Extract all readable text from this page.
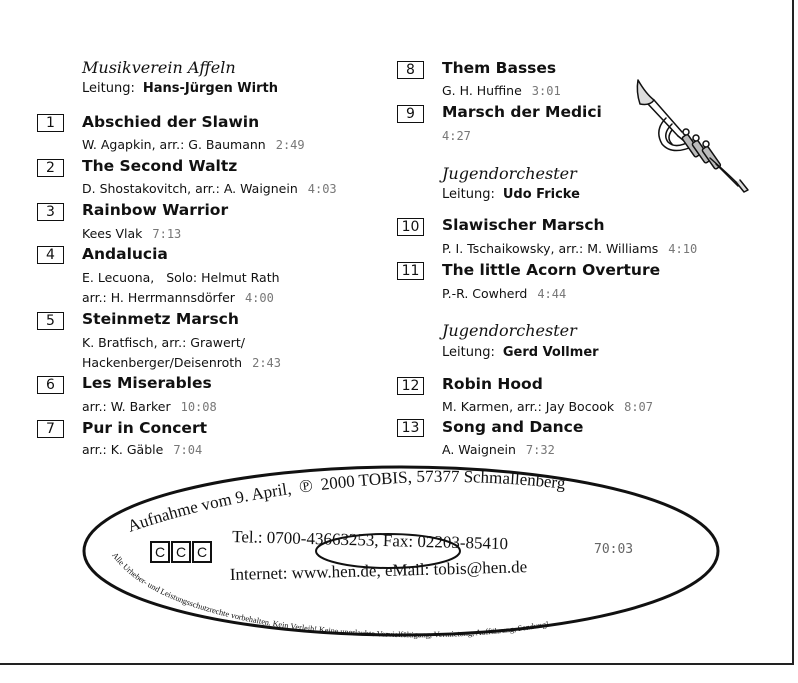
Musikverein Affeln
Leitung: Hans-Jürgen Wirth
1	Abschied der Slawin
W. Agapkin, arr.: G. Baumann 2:49
2	The Second Waltz
D. Shostakovitch, arr.: A. Waignein 4:03
3	Rainbow Warrior
Kees Vlak 7:13
4	Andalucia
E. Lecuona,   Solo: Helmut Rath
arr.: H. Herrmannsdörfer 4:00
5	Steinmetz Marsch
K. Bratfisch, arr.: Grawert/
Hackenberger/Deisenroth 2:43
6	Les Miserables
arr.: W. Barker 10:08
7	Pur in Concert
arr.: K. Gäble 7:04
8	Them Basses
G. H. Huffine 3:01
9	Marsch der Medici
4:27
Jugendorchester
Leitung: Udo Fricke
10 Slawischer Marsch
P. I. Tschaikowsky, arr.: M. Williams 4:10
11 The little Acorn Overture
P.-R. Cowherd 4:44
Jugendorchester
Leitung: Gerd Vollmer
12 Robin Hood
M. Karmen, arr.: Jay Bocook 8:07
13 Song and Dance
A. Waignein 7:32
Aufnahme vom 9. April, ℗ 2000 TOBIS, 57377 Schmallenberg
Tel.: 0700-43663253, Fax: 02203-85410
Internet: www.hen.de, eMail: tobis@hen.de
Alle Urheber- und Leistungsschutzrechte vorbehalten. Kein Verleih! Keine unerlaubte Vervielfältigung, Vermietung, Aufführung, Sendung!
C C C	70:03
